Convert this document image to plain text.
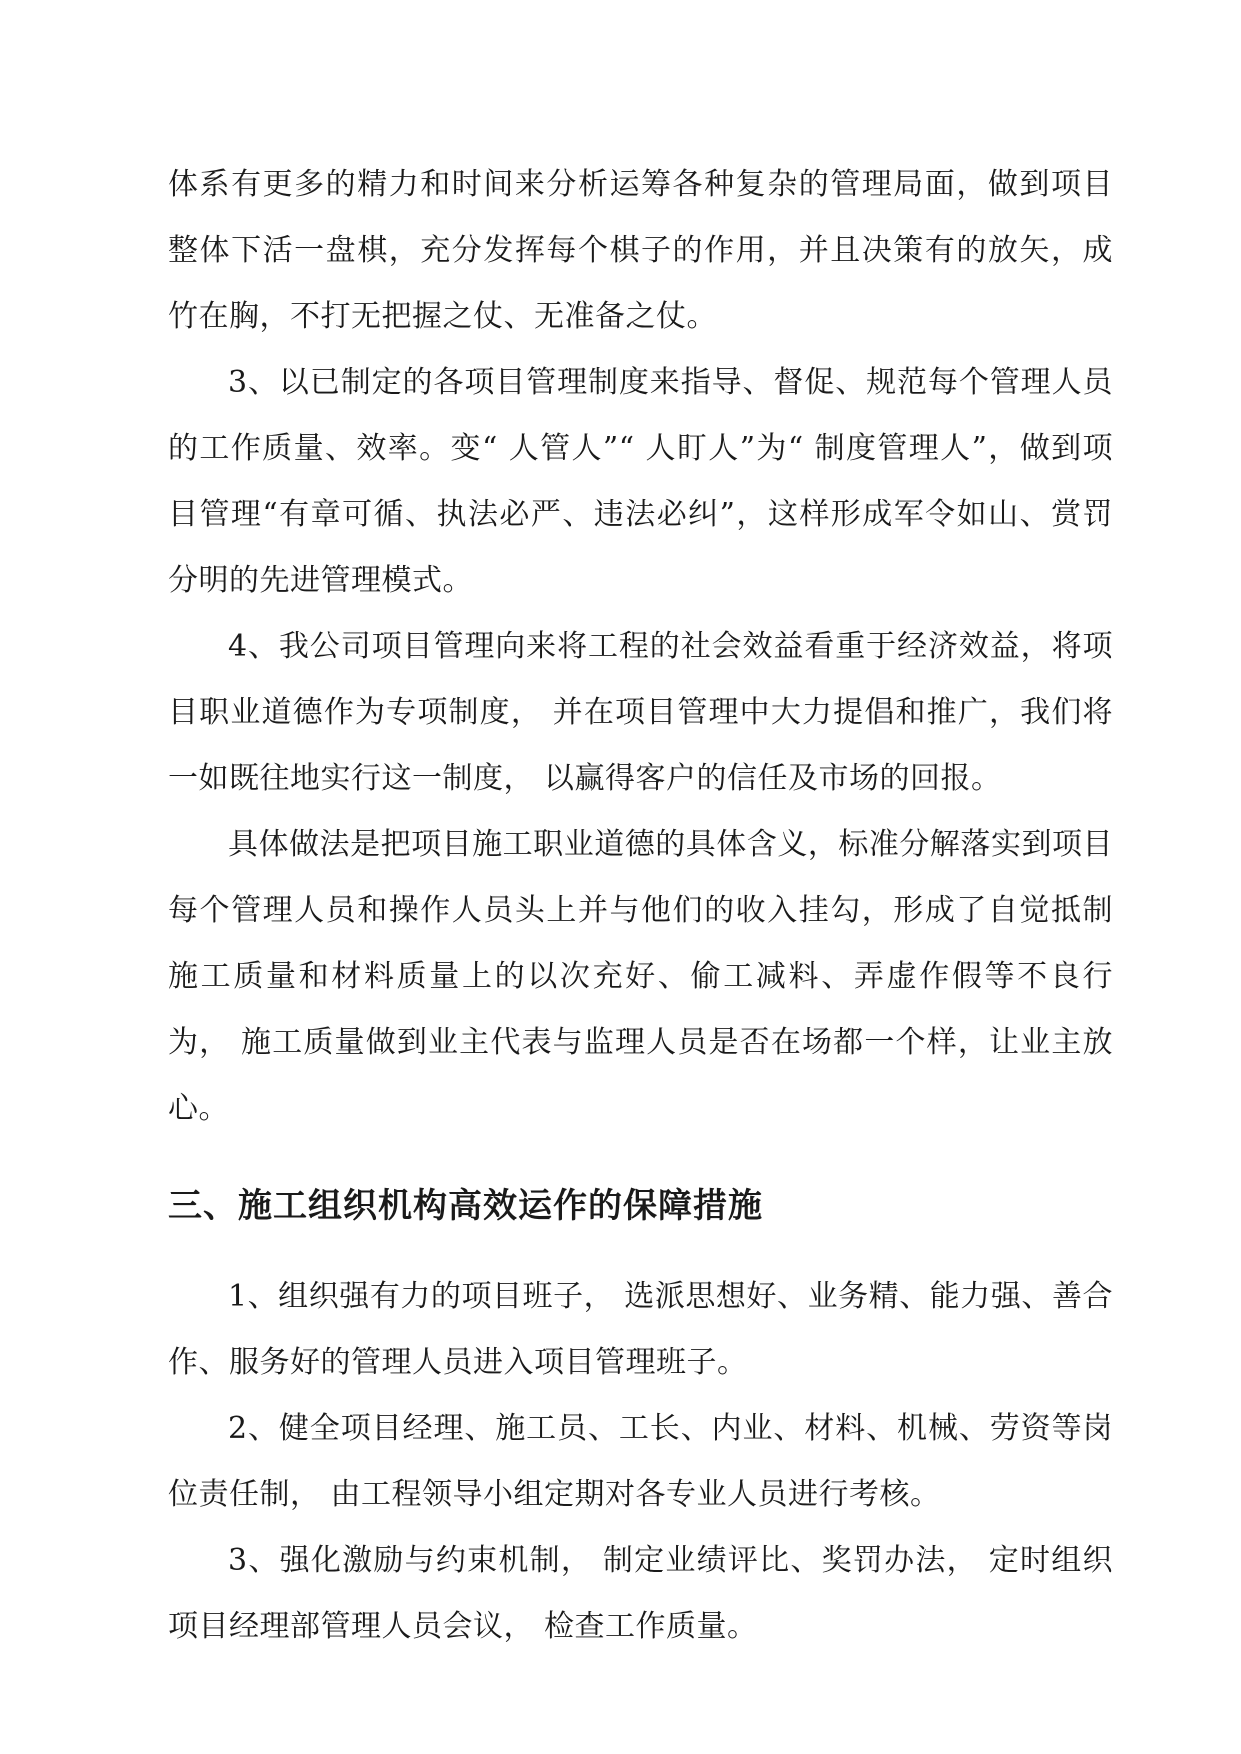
体系有更多的精力和时间来分析运筹各种复杂的管理局面，做到项目整体下活一盘棋，充分发挥每个棋子的作用，并且决策有的放矢，成竹在胸，不打无把握之仗、无准备之仗。

3、以已制定的各项目管理制度来指导、督促、规范每个管理人员的工作质量、效率。变“ 人管人”“ 人盯人”为“ 制度管理人”，做到项目管理“有章可循、执法必严、违法必纠”，这样形成军令如山、赏罚分明的先进管理模式。

4、我公司项目管理向来将工程的社会效益看重于经济效益，将项目职业道德作为专项制度， 并在项目管理中大力提倡和推广，我们将一如既往地实行这一制度， 以赢得客户的信任及市场的回报。

具体做法是把项目施工职业道德的具体含义，标准分解落实到项目每个管理人员和操作人员头上并与他们的收入挂勾，形成了自觉抵制施工质量和材料质量上的以次充好、偷工减料、弄虚作假等不良行为， 施工质量做到业主代表与监理人员是否在场都一个样，让业主放心。

三、施工组织机构高效运作的保障措施

1、组织强有力的项目班子， 选派思想好、业务精、能力强、善合作、服务好的管理人员进入项目管理班子。

2、健全项目经理、施工员、工长、内业、材料、机械、劳资等岗位责任制， 由工程领导小组定期对各专业人员进行考核。

3、强化激励与约束机制， 制定业绩评比、奖罚办法， 定时组织项目经理部管理人员会议， 检查工作质量。
